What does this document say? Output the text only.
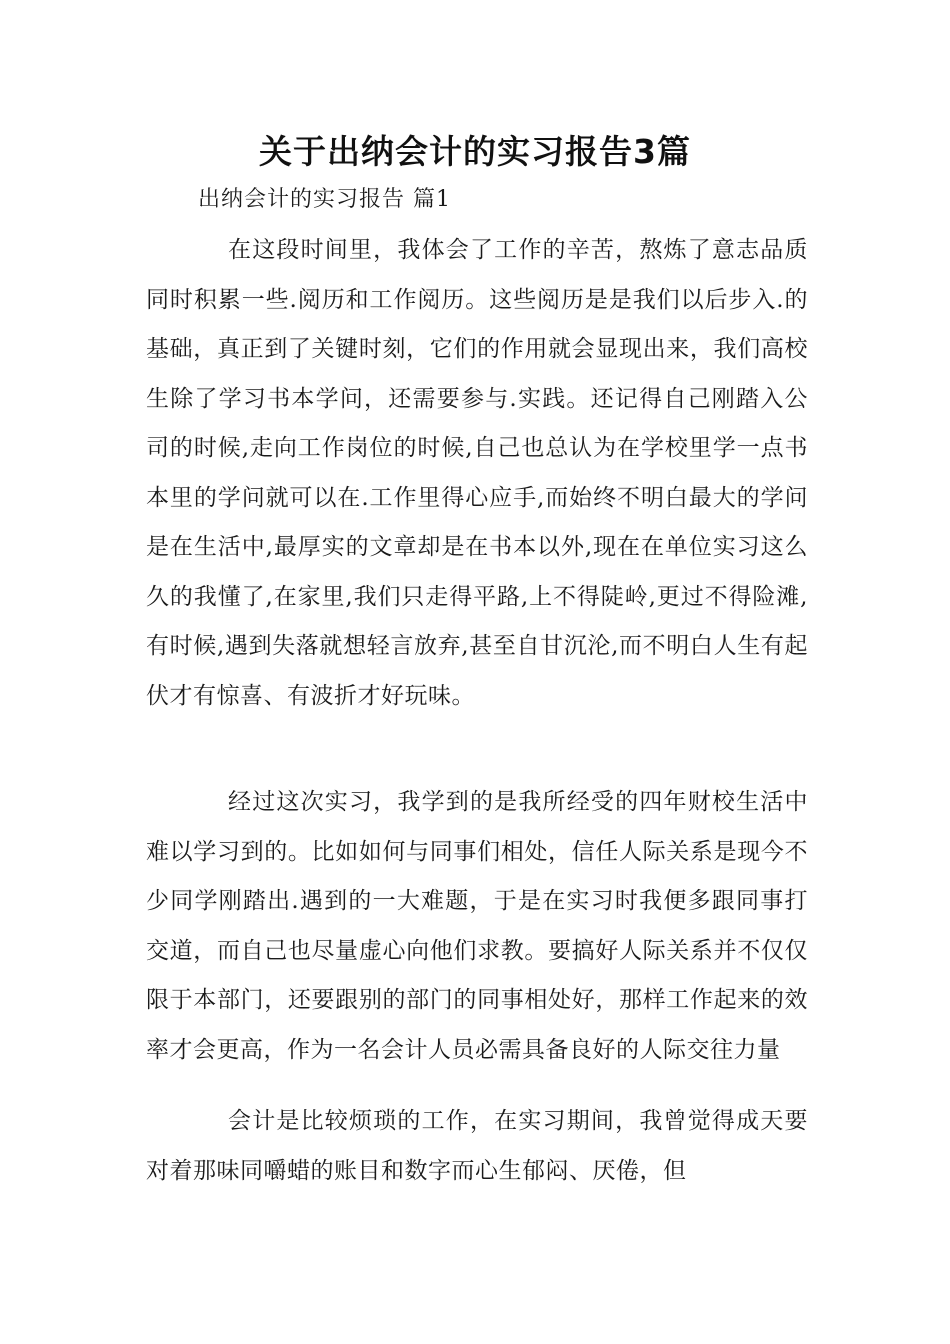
关于出纳会计的实习报告3篇
出纳会计的实习报告 篇1

在这段时间里，我体会了工作的辛苦，熬炼了意志品质同时积累一些.阅历和工作阅历。这些阅历是是我们以后步入.的基础，真正到了关键时刻，它们的作用就会显现出来，我们高校生除了学习书本学问，还需要参与.实践。还记得自己刚踏入公司的时候,走向工作岗位的时候,自己也总认为在学校里学一点书本里的学问就可以在.工作里得心应手,而始终不明白最大的学问是在生活中,最厚实的文章却是在书本以外,现在在单位实习这么久的我懂了,在家里,我们只走得平路,上不得陡岭,更过不得险滩,有时候,遇到失落就想轻言放弃,甚至自甘沉沦,而不明白人生有起伏才有惊喜、有波折才好玩味。

经过这次实习，我学到的是我所经受的四年财校生活中难以学习到的。比如如何与同事们相处，信任人际关系是现今不少同学刚踏出.遇到的一大难题，于是在实习时我便多跟同事打交道，而自己也尽量虚心向他们求教。要搞好人际关系并不仅仅限于本部门，还要跟别的部门的同事相处好，那样工作起来的效率才会更高，作为一名会计人员必需具备良好的人际交往力量

会计是比较烦琐的工作，在实习期间，我曾觉得成天要对着那味同嚼蜡的账目和数字而心生郁闷、厌倦，但
